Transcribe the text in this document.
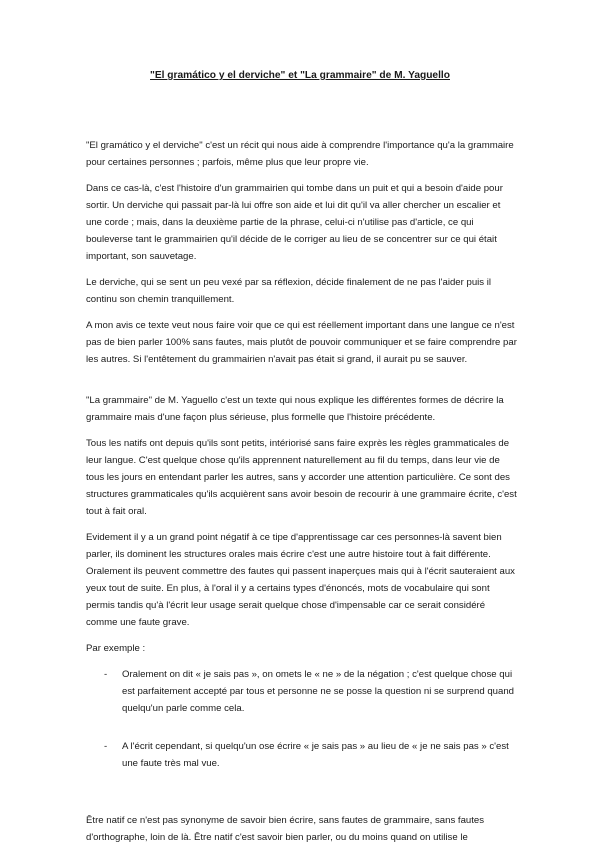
"El gramático y el derviche" et "La grammaire" de M. Yaguello

"El gramático y el derviche" c'est un récit qui nous aide à comprendre l'importance qu'a la grammaire pour certaines personnes ; parfois, même plus que leur propre vie.

Dans ce cas-là, c'est l'histoire d'un grammairien qui tombe dans un puit et qui a besoin d'aide pour sortir. Un derviche qui passait par-là lui offre son aide et lui dit qu'il va aller chercher un escalier et une corde ; mais, dans la deuxième partie de la phrase, celui-ci n'utilise pas d'article, ce qui bouleverse tant le grammairien qu'il décide de le corriger au lieu de se concentrer sur ce qui était important, son sauvetage.

Le derviche, qui se sent un peu vexé par sa réflexion, décide finalement de ne pas l'aider puis il continu son chemin tranquillement.

A mon avis ce texte veut nous faire voir que ce qui est réellement important dans une langue ce n'est pas de bien parler 100% sans fautes, mais plutôt de pouvoir communiquer et se faire comprendre par les autres. Si l'entêtement du grammairien n'avait pas était si grand, il aurait pu se sauver.

"La grammaire" de M. Yaguello c'est un texte qui nous explique les différentes formes de décrire la grammaire mais d'une façon plus sérieuse, plus formelle que l'histoire précédente.

Tous les natifs ont depuis qu'ils sont petits, intériorisé sans faire exprès les règles grammaticales de leur langue. C'est quelque chose qu'ils apprennent naturellement au fil du temps, dans leur vie de tous les jours en entendant parler les autres, sans y accorder une attention particulière. Ce sont des structures grammaticales qu'ils acquièrent sans avoir besoin de recourir à une grammaire écrite, c'est tout à fait oral.

Evidement il y a un grand point négatif à ce tipe d'apprentissage car ces personnes-là savent bien parler, ils dominent les structures orales mais écrire c'est une autre histoire tout à fait différente. Oralement ils peuvent commettre des fautes qui passent inaperçues mais qui à l'écrit sauteraient aux yeux tout de suite. En plus, à l'oral il y a certains types d'énoncés, mots de vocabulaire qui sont permis tandis qu'à l'écrit leur usage serait quelque chose d'impensable car ce serait considéré comme une faute grave.

Par exemple :

- Oralement on dit « je sais pas », on omets le « ne » de la négation ; c'est quelque chose qui est parfaitement accepté par tous et personne ne se posse la question ni se surprend quand quelqu'un parle comme cela.
- A l'écrit cependant, si quelqu'un ose écrire « je sais pas » au lieu de « je ne sais pas » c'est une faute très mal vue.

Être natif ce n'est pas synonyme de savoir bien écrire, sans fautes de grammaire, sans fautes d'orthographe, loin de là. Être natif c'est savoir bien parler, ou du moins quand on utilise le
